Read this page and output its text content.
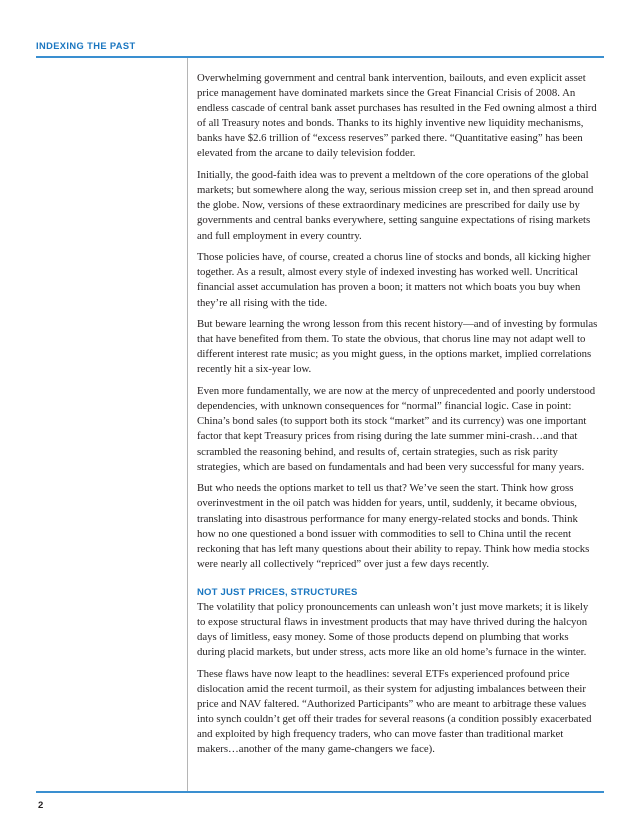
INDEXING THE PAST

Overwhelming government and central bank intervention, bailouts, and even explicit asset price management have dominated markets since the Great Financial Crisis of 2008. An endless cascade of central bank asset purchases has resulted in the Fed owning almost a third of all Treasury notes and bonds. Thanks to its highly inventive new liquidity mechanisms, banks have $2.6 trillion of “excess reserves” parked there. “Quantitative easing” has been elevated from the arcane to daily television fodder.

Initially, the good-faith idea was to prevent a meltdown of the core operations of the global markets; but somewhere along the way, serious mission creep set in, and then spread around the globe. Now, versions of these extraordinary medicines are prescribed for daily use by governments and central banks everywhere, setting sanguine expectations of rising markets and full employment in every country.

Those policies have, of course, created a chorus line of stocks and bonds, all kicking higher together. As a result, almost every style of indexed investing has worked well. Uncritical financial asset accumulation has proven a boon; it matters not which boats you buy when they’re all rising with the tide.

But beware learning the wrong lesson from this recent history—and of investing by formulas that have benefited from them. To state the obvious, that chorus line may not adapt well to different interest rate music; as you might guess, in the options market, implied correlations recently hit a six-year low.

Even more fundamentally, we are now at the mercy of unprecedented and poorly understood dependencies, with unknown consequences for “normal” financial logic. Case in point: China’s bond sales (to support both its stock “market” and its currency) was one important factor that kept Treasury prices from rising during the late summer mini-crash…and that scrambled the reasoning behind, and results of, certain strategies, such as risk parity strategies, which are based on fundamentals and had been very successful for many years.

But who needs the options market to tell us that? We’ve seen the start. Think how gross overinvestment in the oil patch was hidden for years, until, suddenly, it became obvious, translating into disastrous performance for many energy-related stocks and bonds. Think how no one questioned a bond issuer with commodities to sell to China until the recent reckoning that has left many questions about their ability to repay. Think how media stocks were nearly all collectively “repriced” over just a few days recently.

NOT JUST PRICES, STRUCTURES

The volatility that policy pronouncements can unleash won’t just move markets; it is likely to expose structural flaws in investment products that may have thrived during the halcyon days of limitless, easy money. Some of those products depend on plumbing that works during placid markets, but under stress, acts more like an old home’s furnace in the winter.

These flaws have now leapt to the headlines: several ETFs experienced profound price dislocation amid the recent turmoil, as their system for adjusting imbalances between their price and NAV faltered. “Authorized Participants” who are meant to arbitrage these values into synch couldn’t get off their trades for several reasons (a condition possibly exacerbated and exploited by high frequency traders, who can move faster than traditional market makers…another of the many game-changers we face).

2
